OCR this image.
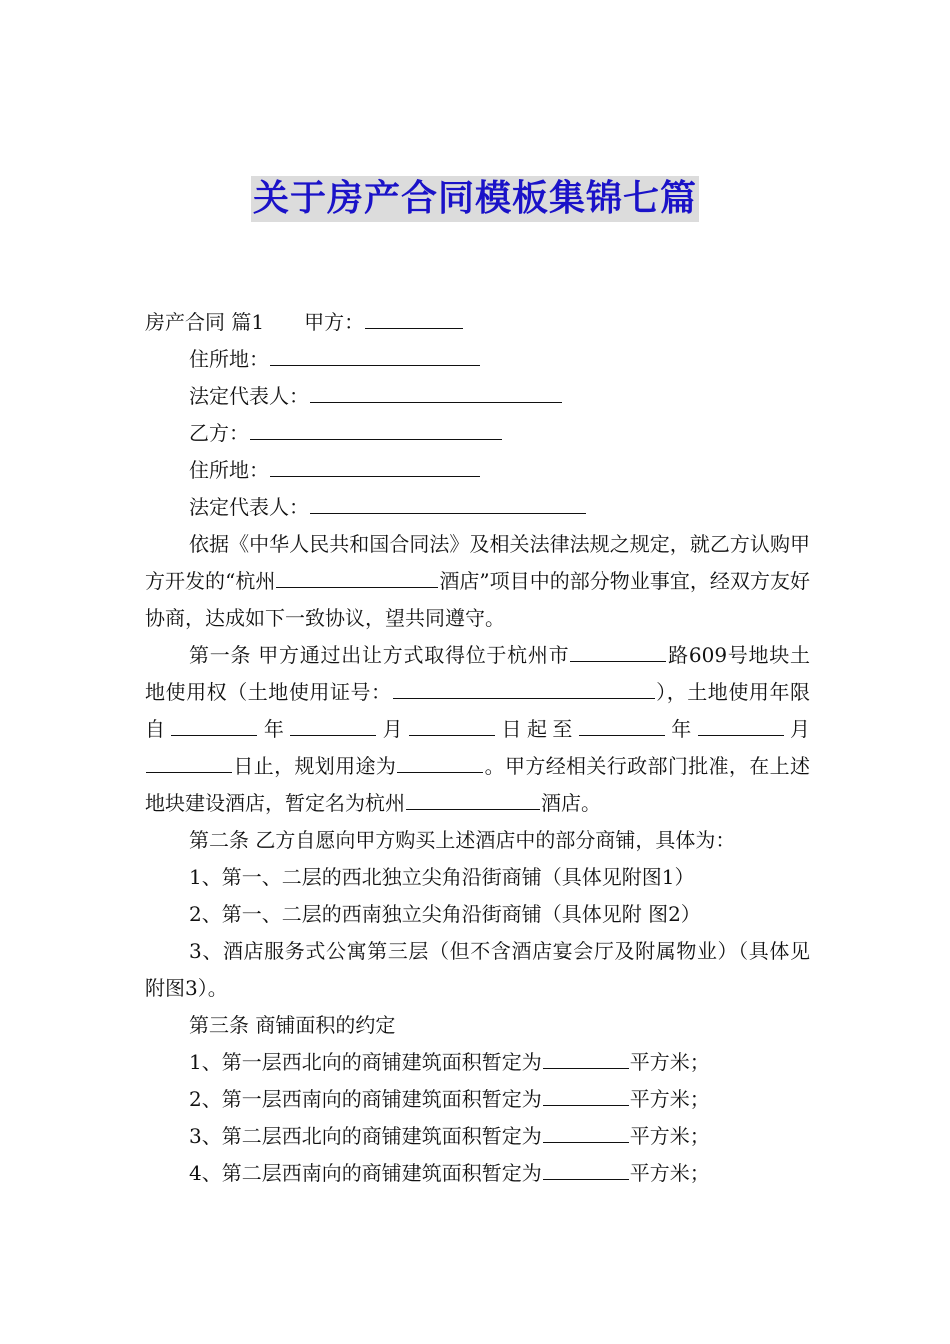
关于房产合同模板集锦七篇
房产合同 篇1 甲方：
住所地：
法定代表人：
乙方：
住所地：
法定代表人：
依据《中华人民共和国合同法》及相关法律法规之规定，就乙方认购甲方开发的“杭州	酒店”项目中的部分物业事宜，经双方友好协商，达成如下一致协议，望共同遵守。
第一条 甲方通过出让方式取得位于杭州市	路609号地块土地使用权（土地使用证号：	），土地使用年限自	年	月	日起至	年	月日止，规划用途为	。甲方经相关行政部门批准，在上述地块建设酒店，暂定名为杭州	酒店。
第二条 乙方自愿向甲方购买上述酒店中的部分商铺，具体为：
1、第一、二层的西北独立尖角沿街商铺（具体见附图1）
2、第一、二层的西南独立尖角沿街商铺（具体见附 图2）
3、酒店服务式公寓第三层（但不含酒店宴会厅及附属物业）（具体见附图3）。
第三条 商铺面积的约定
1、第一层西北向的商铺建筑面积暂定为	平方米；
2、第一层西南向的商铺建筑面积暂定为	平方米；
3、第二层西北向的商铺建筑面积暂定为	平方米；
4、第二层西南向的商铺建筑面积暂定为	平方米；
